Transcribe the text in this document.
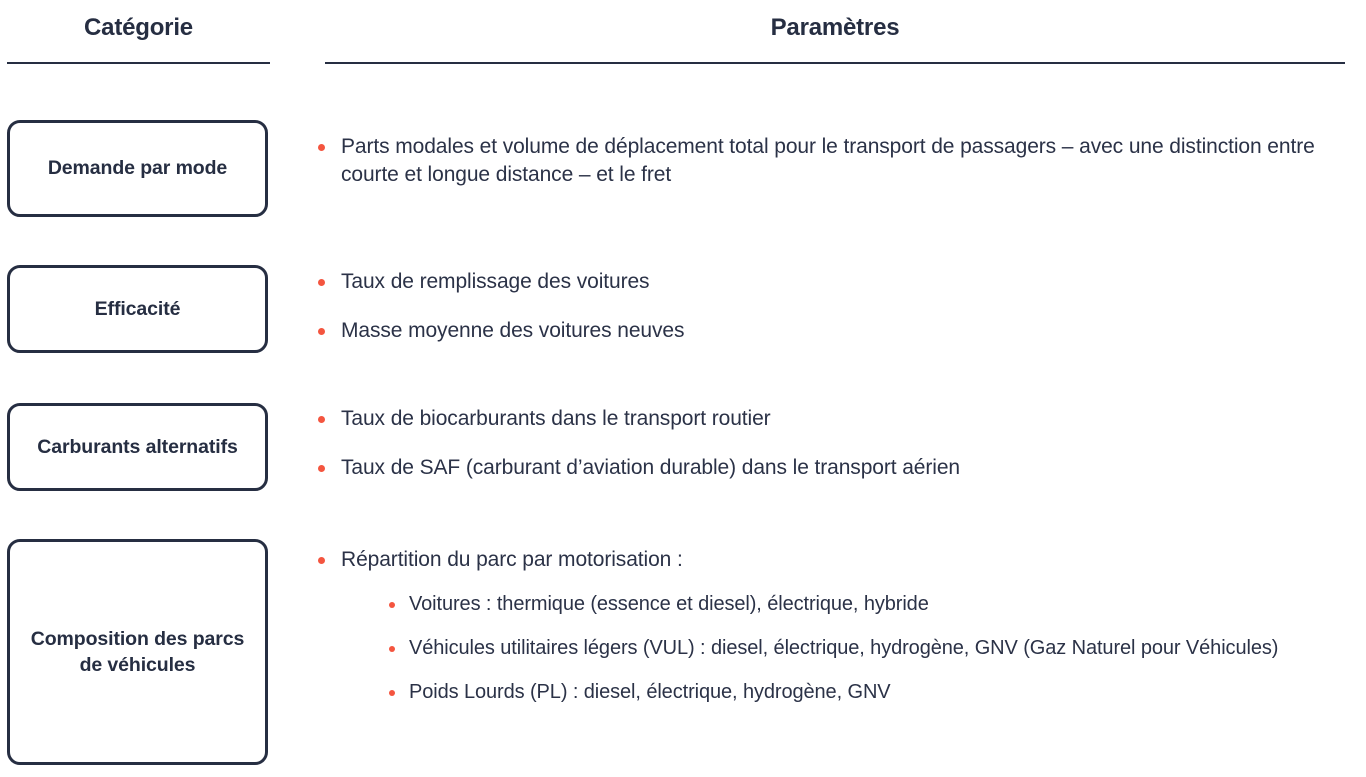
Catégorie	Paramètres
Demande par mode
Parts modales et volume de déplacement total pour le transport de passagers – avec une distinction entre courte et longue distance – et le fret
Efficacité
Taux de remplissage des voitures
Masse moyenne des voitures neuves
Carburants alternatifs
Taux de biocarburants dans le transport routier
Taux de SAF (carburant d’aviation durable) dans le transport aérien
Composition des parcs de véhicules
Répartition du parc par motorisation :
Voitures : thermique (essence et diesel), électrique, hybride
Véhicules utilitaires légers (VUL) : diesel, électrique, hydrogène, GNV (Gaz Naturel pour Véhicules)
Poids Lourds (PL) : diesel, électrique, hydrogène, GNV
